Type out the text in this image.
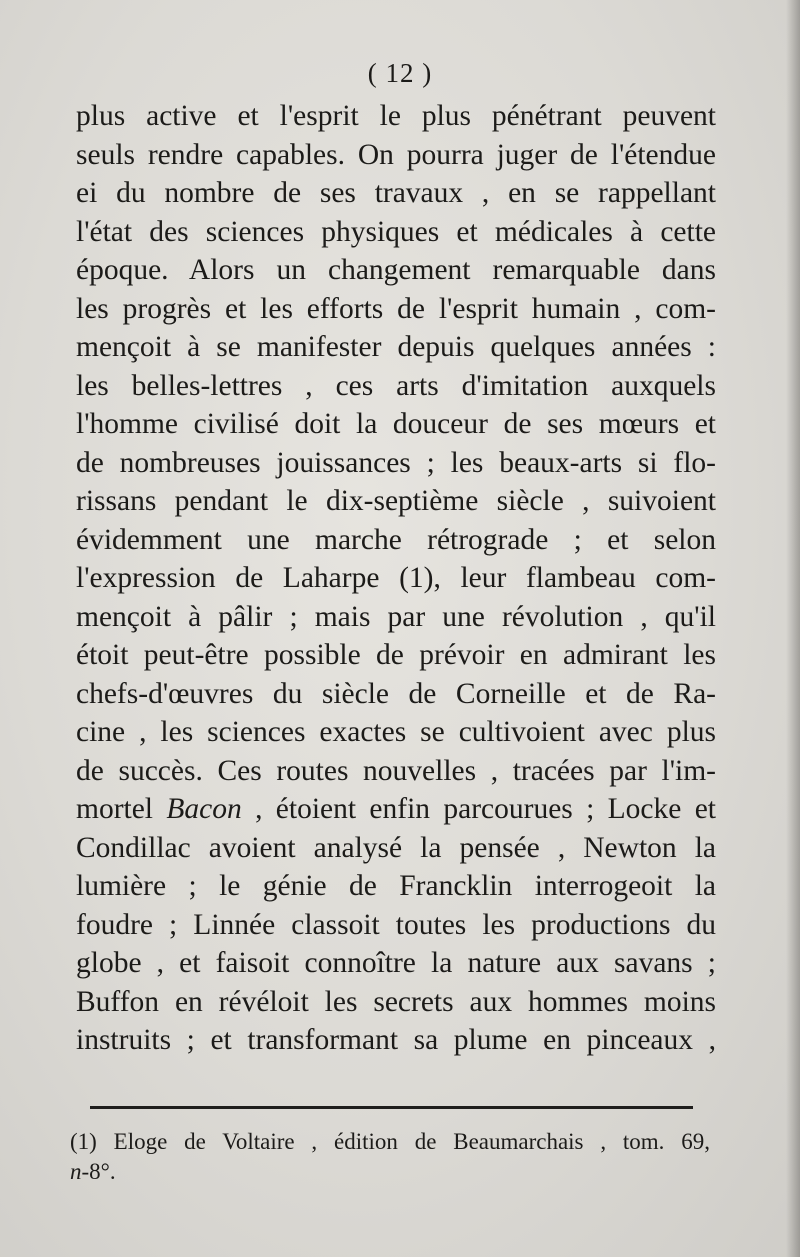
( 12 )
plus active et l'esprit le plus pénétrant peuvent
seuls rendre capables. On pourra juger de l'étendue
ei du nombre de ses travaux , en se rappellant
l'état des sciences physiques et médicales à cette
époque. Alors un changement remarquable dans
les progrès et les efforts de l'esprit humain , com-
mençoit à se manifester depuis quelques années :
les belles-lettres , ces arts d'imitation auxquels
l'homme civilisé doit la douceur de ses mœurs et
de nombreuses jouissances ; les beaux-arts si flo-
rissans pendant le dix-septième siècle , suivoient
évidemment une marche rétrograde ; et selon
l'expression de Laharpe (1), leur flambeau com-
mençoit à pâlir ; mais par une révolution , qu'il
étoit peut-être possible de prévoir en admirant les
chefs-d'œuvres du siècle de Corneille et de Ra-
cine , les sciences exactes se cultivoient avec plus
de succès. Ces routes nouvelles , tracées par l'im-
mortel Bacon , étoient enfin parcourues ; Locke et
Condillac avoient analysé la pensée , Newton la
lumière ; le génie de Francklin interrogeoit la
foudre ; Linnée classoit toutes les productions du
globe , et faisoit connoître la nature aux savans ;
Buffon en révéloit les secrets aux hommes moins
instruits ; et transformant sa plume en pinceaux ,
(1) Eloge de Voltaire , édition de Beaumarchais , tom. 69,
n-8°.
